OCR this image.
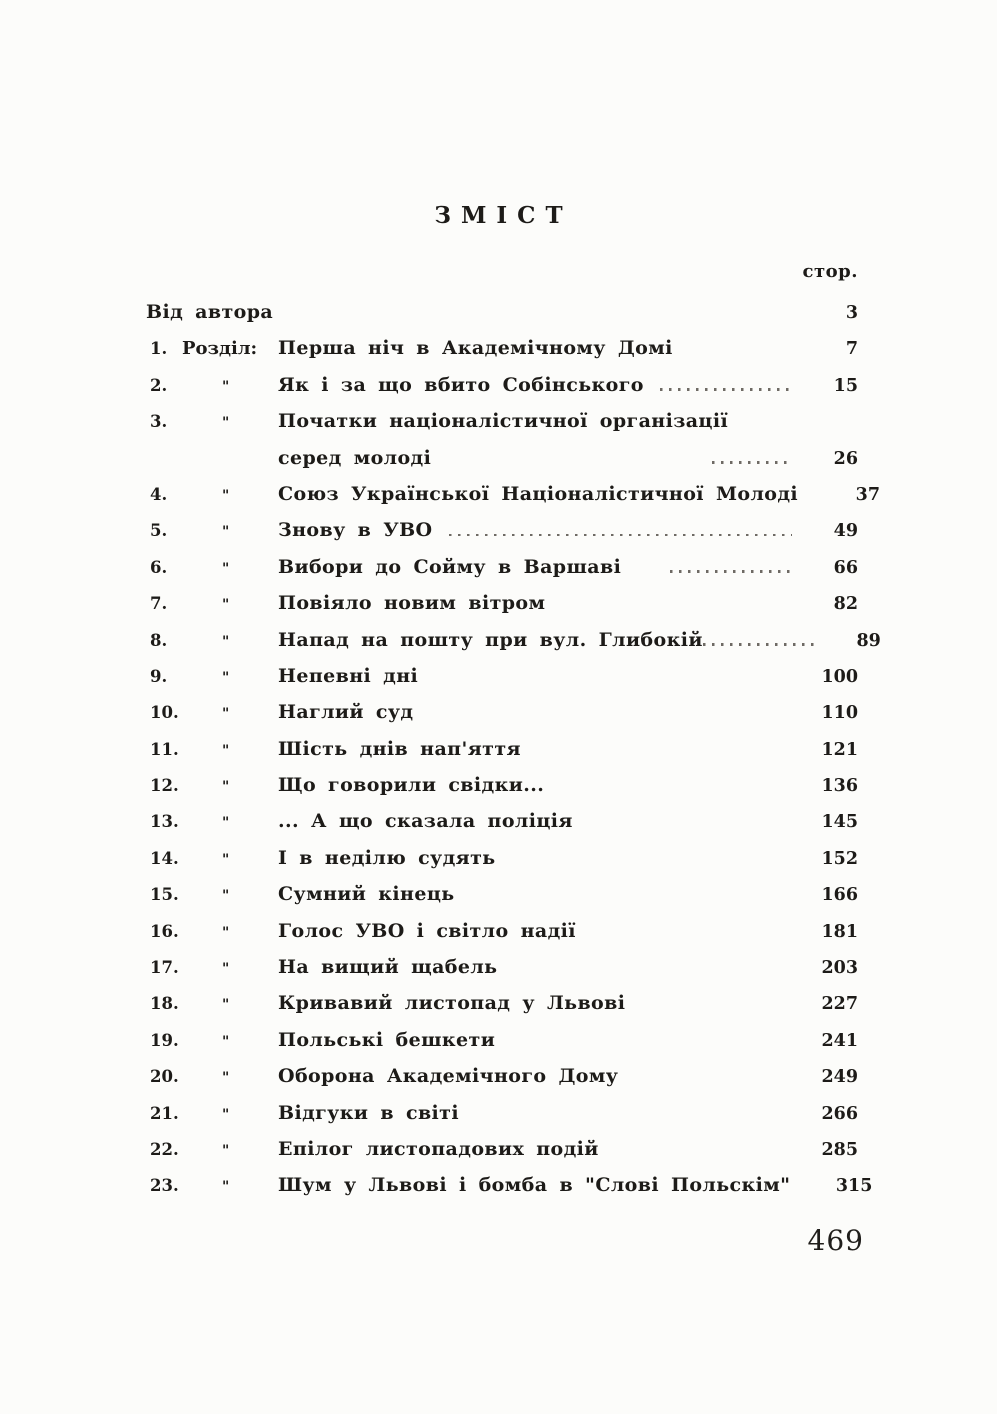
ЗМІСТ
стор.
Від автора	3
1. Розділ:	Перша ніч в Академічному Домі	7
2.	"	Як і за що вбито Собінського	15
3.	"	Початки націоналістичної організації
серед молоді	26
4.	"	Союз Української Націоналістичної Молоді	37
5.	"	Знову в УВО	49
6.	"	Вибори до Сойму в Варшаві	66
7.	"	Повіяло новим вітром	82
8.	"	Напад на пошту при вул. Глибокій	89
9.	"	Непевні дні	100
10.	"	Наглий суд	110
11.	"	Шість днів нап'яття	121
12.	"	Що говорили свідки...	136
13.	"	... А що сказала поліція	145
14.	"	І в неділю судять	152
15.	"	Сумний кінець	166
16.	"	Голос УВО і світло надії	181
17.	"	На вищий щабель	203
18.	"	Кривавий листопад у Львові	227
19.	"	Польські бешкети	241
20.	"	Оборона Академічного Дому	249
21.	"	Відгуки в світі	266
22.	"	Епілог листопадових подій	285
23.	"	Шум у Львові і бомба в "Слові Польскім"	315
469
